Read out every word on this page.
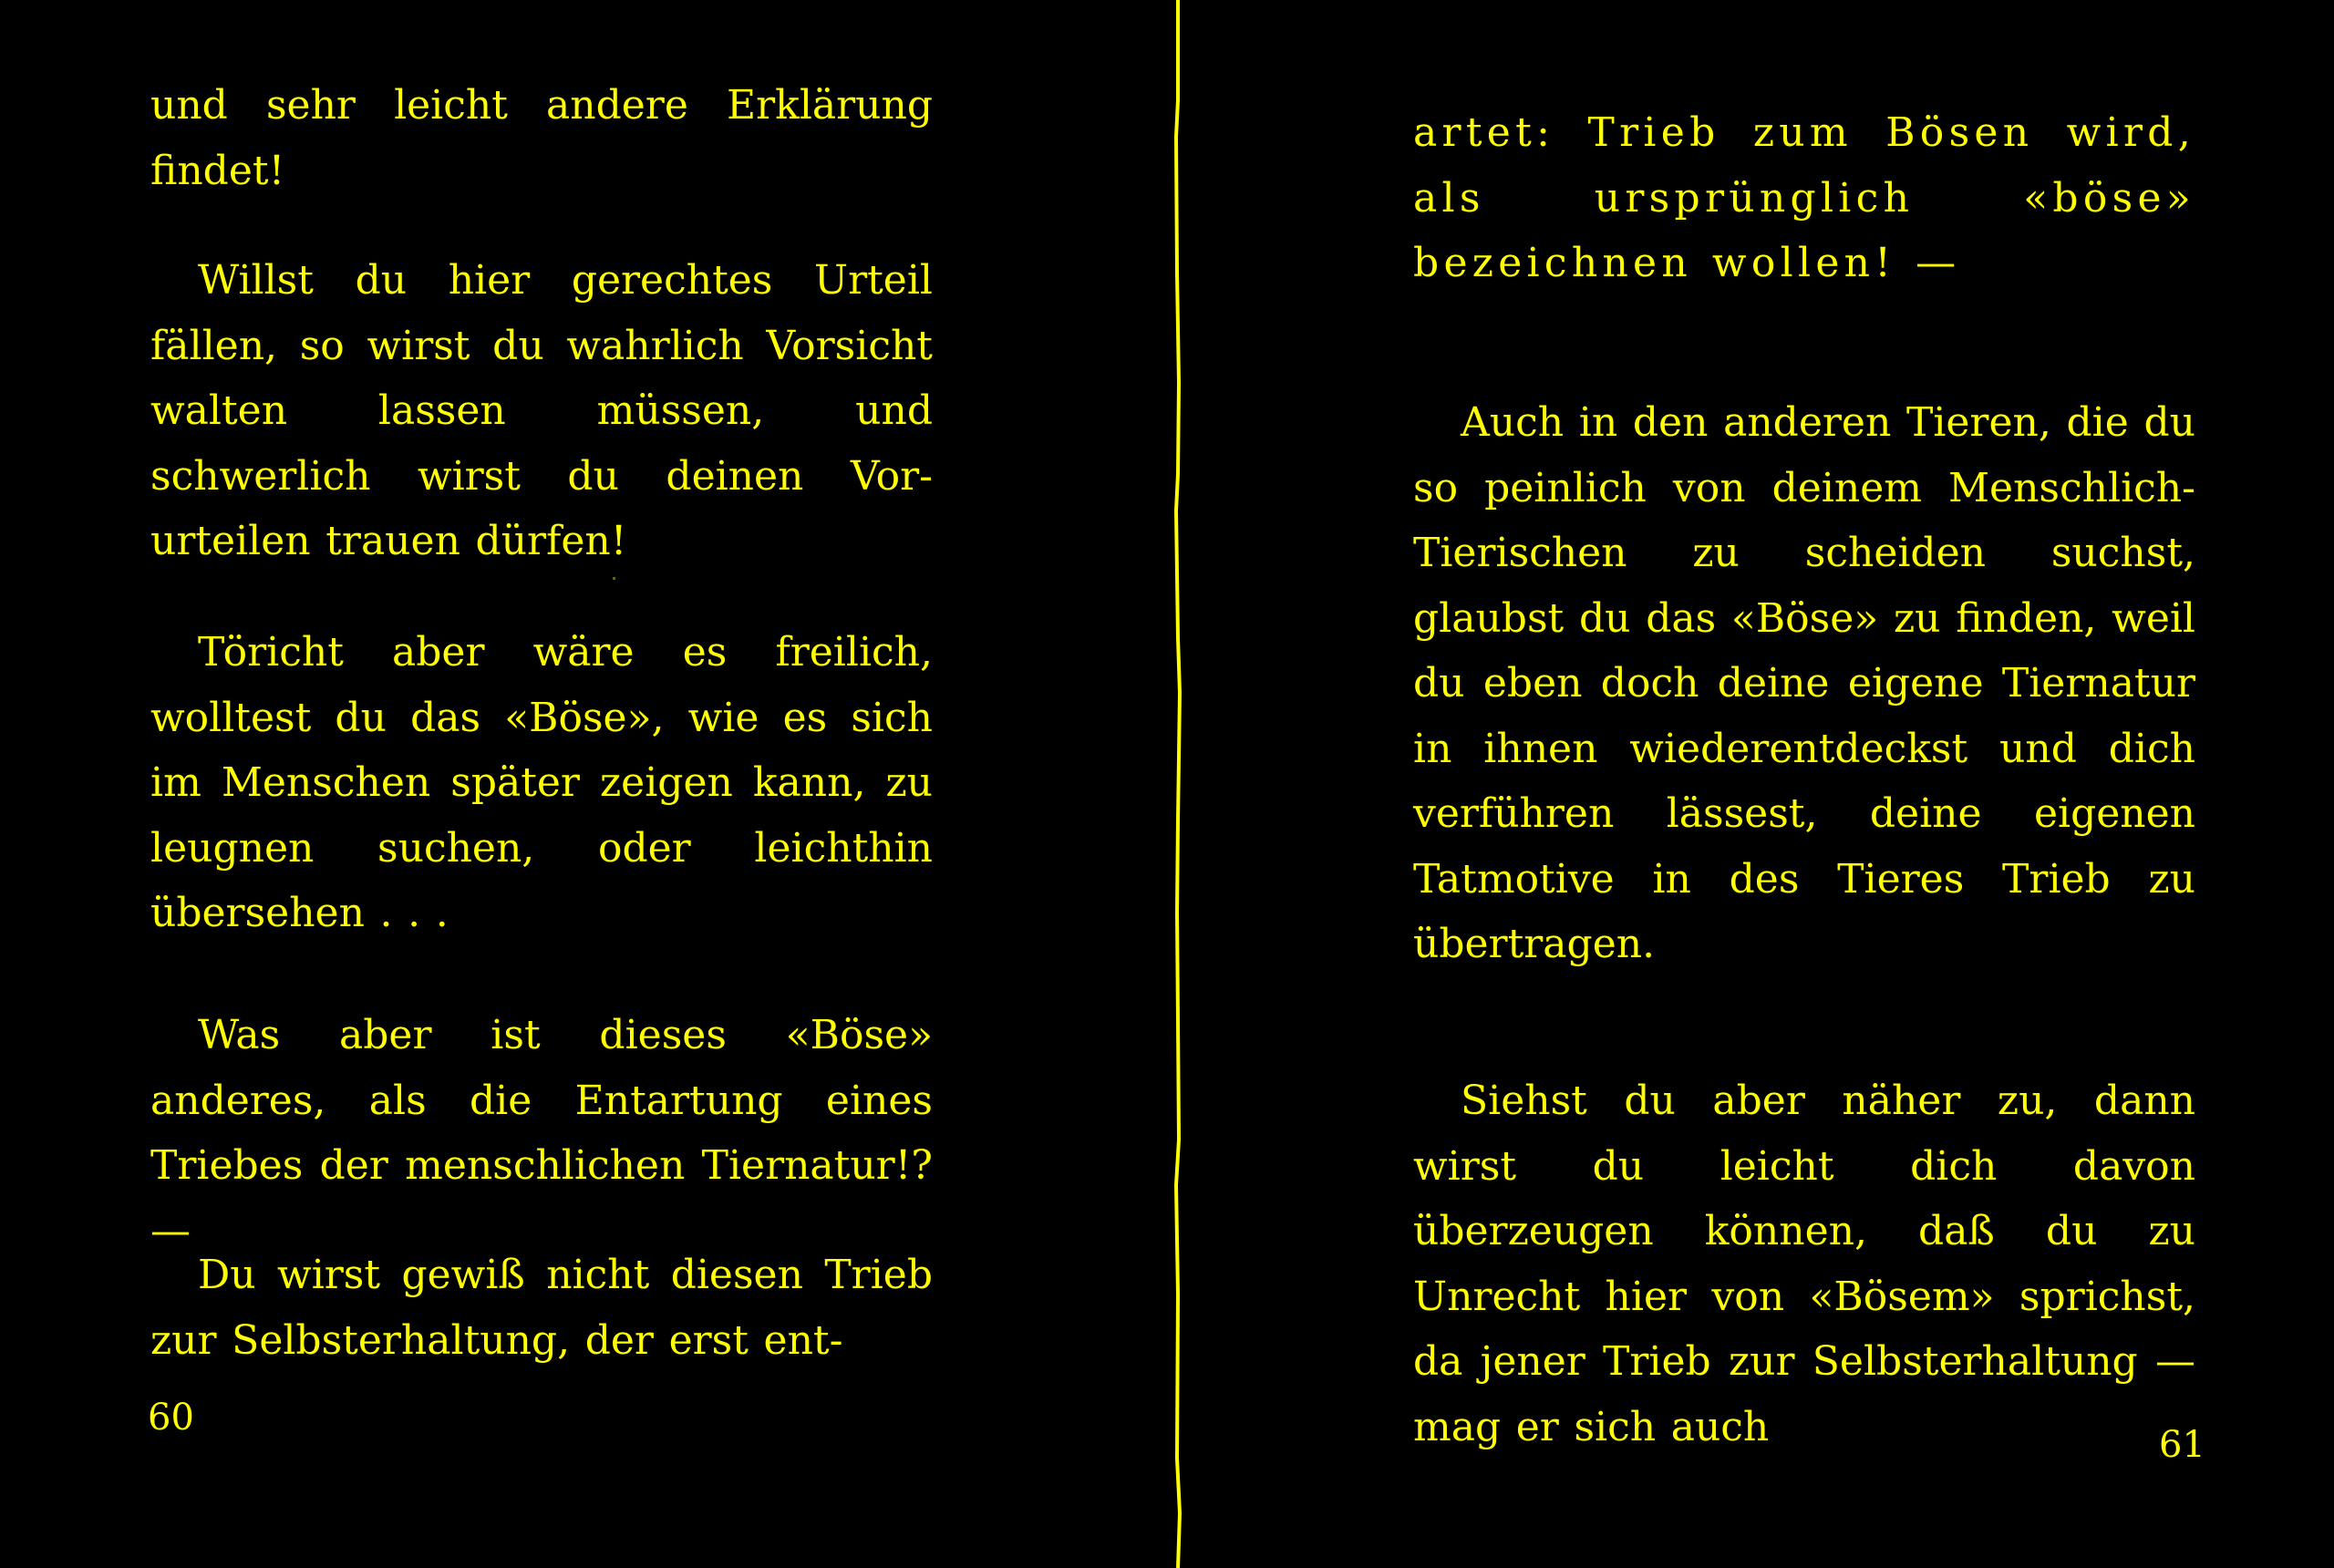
und sehr leicht andere Erklärung findet!

Willst du hier gerechtes Urteil fällen, so wirst du wahrlich Vorsicht walten lassen müssen, und schwerlich wirst du deinen Vor-urteilen trauen dürfen!

Töricht aber wäre es freilich, wolltest du das «Böse», wie es sich im Menschen später zeigen kann, zu leugnen suchen, oder leichthin übersehen . . .

Was aber ist dieses «Böse» anderes, als die Entartung eines Triebes der menschlichen Tiernatur!? —

Du wirst gewiß nicht diesen Trieb zur Selbsterhaltung, der erst ent-

60

artet: Trieb zum Bösen wird, als ursprünglich «böse» bezeichnen wollen! —

Auch in den anderen Tieren, die du so peinlich von deinem Menschlich-Tierischen zu scheiden suchst, glaubst du das «Böse» zu finden, weil du eben doch deine eigene Tiernatur in ihnen wiederentdeckst und dich verführen lässest, deine eigenen Tatmotive in des Tieres Trieb zu übertragen.

Siehst du aber näher zu, dann wirst du leicht dich davon überzeugen können, daß du zu Unrecht hier von «Bösem» sprichst, da jener Trieb zur Selbsterhaltung — mag er sich auch	61
